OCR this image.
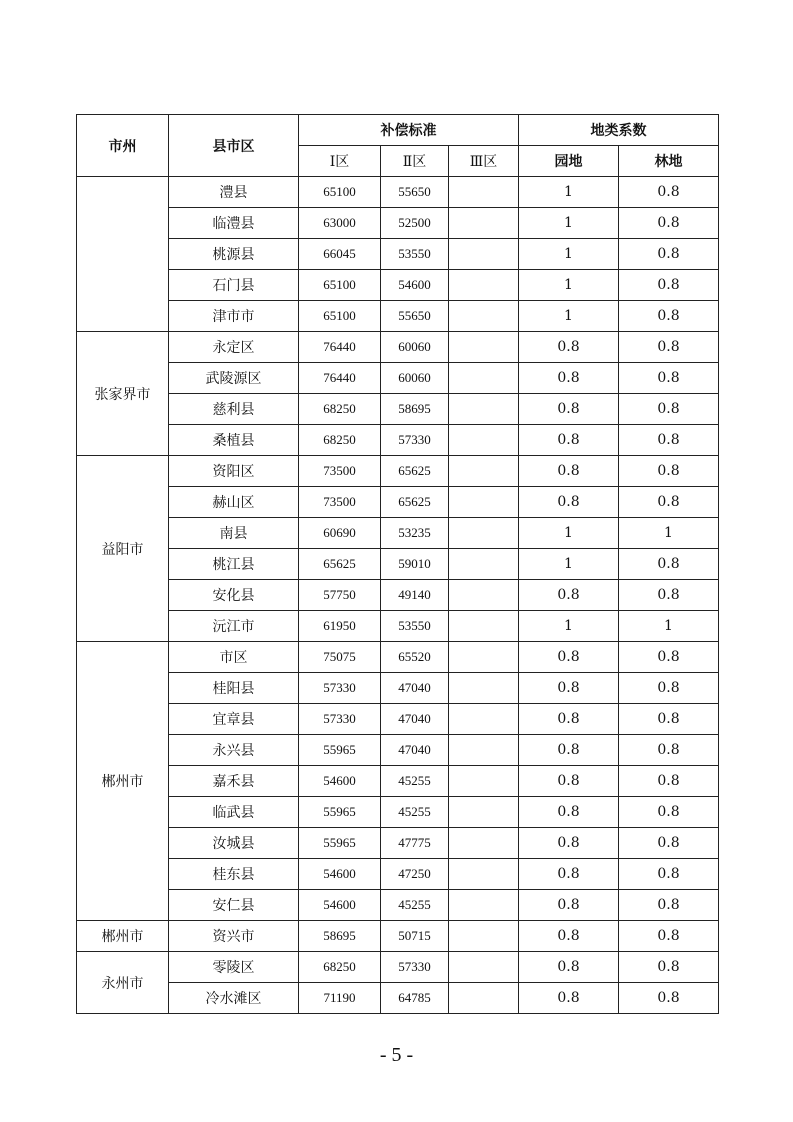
市州	县市区	补偿标准			地类系数	
		Ⅰ区	Ⅱ区	Ⅲ区	园地	林地
	澧县	65100	55650		1	0.8
	临澧县	63000	52500		1	0.8
	桃源县	66045	53550		1	0.8
	石门县	65100	54600		1	0.8
	津市市	65100	55650		1	0.8
张家界市	永定区	76440	60060		0.8	0.8
	武陵源区	76440	60060		0.8	0.8
	慈利县	68250	58695		0.8	0.8
	桑植县	68250	57330		0.8	0.8
益阳市	资阳区	73500	65625		0.8	0.8
	赫山区	73500	65625		0.8	0.8
	南县	60690	53235		1	1
	桃江县	65625	59010		1	0.8
	安化县	57750	49140		0.8	0.8
	沅江市	61950	53550		1	1
郴州市	市区	75075	65520		0.8	0.8
	桂阳县	57330	47040		0.8	0.8
	宜章县	57330	47040		0.8	0.8
	永兴县	55965	47040		0.8	0.8
	嘉禾县	54600	45255		0.8	0.8
	临武县	55965	45255		0.8	0.8
	汝城县	55965	47775		0.8	0.8
	桂东县	54600	47250		0.8	0.8
	安仁县	54600	45255		0.8	0.8
郴州市	资兴市	58695	50715		0.8	0.8
永州市	零陵区	68250	57330		0.8	0.8
	冷水滩区	71190	64785		0.8	0.8
- 5 -
